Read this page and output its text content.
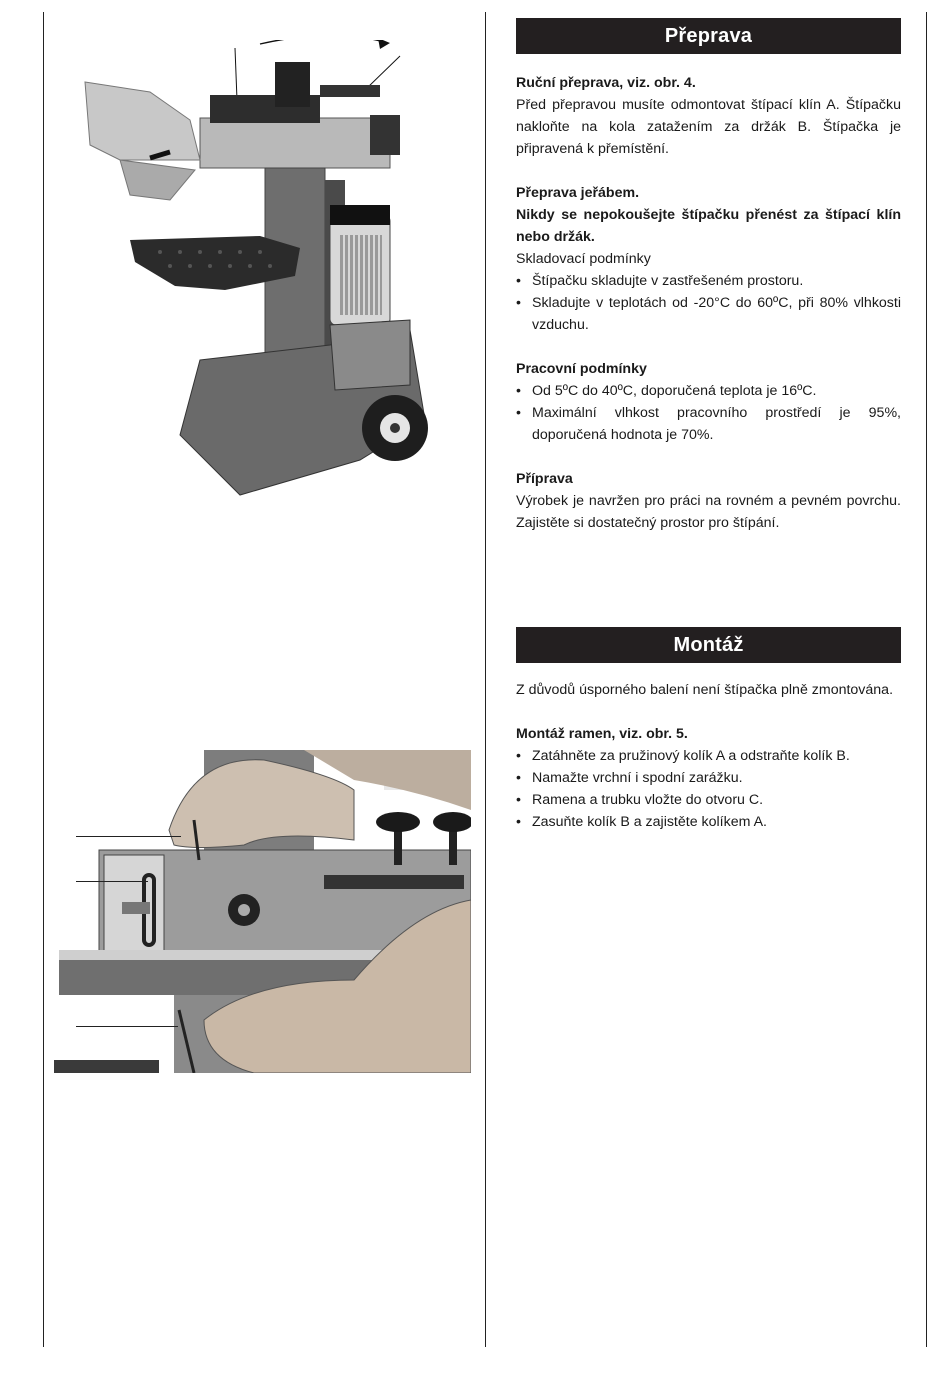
Přeprava

Ruční přeprava, viz. obr. 4.

Před přepravou musíte odmontovat štípací klín A. Štípačku nakloňte na kola zatažením za držák B. Štípačka je připravená k přemístění.

Přeprava jeřábem.

Nikdy se nepokoušejte štípačku přenést za štípací klín nebo držák.

Skladovací podmínky

• Štípačku skladujte v zastřešeném prostoru.
• Skladujte v teplotách od -20°C do 60ºC, při 80% vlhkosti vzduchu.

Pracovní podmínky

• Od 5ºC do 40ºC, doporučená teplota je 16ºC.
• Maximální vlhkost pracovního prostředí je 95%, doporučená hodnota je 70%.

Příprava

Výrobek je navržen pro práci na rovném a pevném povrchu. Zajistěte si dostatečný prostor pro štípání.

Montáž

Z důvodů úsporného balení není štípačka plně zmontována.

Montáž ramen, viz. obr. 5.

• Zatáhněte za pružinový kolík A a odstraňte kolík B.
• Namažte vrchní i spodní zarážku.
• Ramena a trubku vložte do otvoru C.
• Zasuňte kolík B a zajistěte kolíkem A.
